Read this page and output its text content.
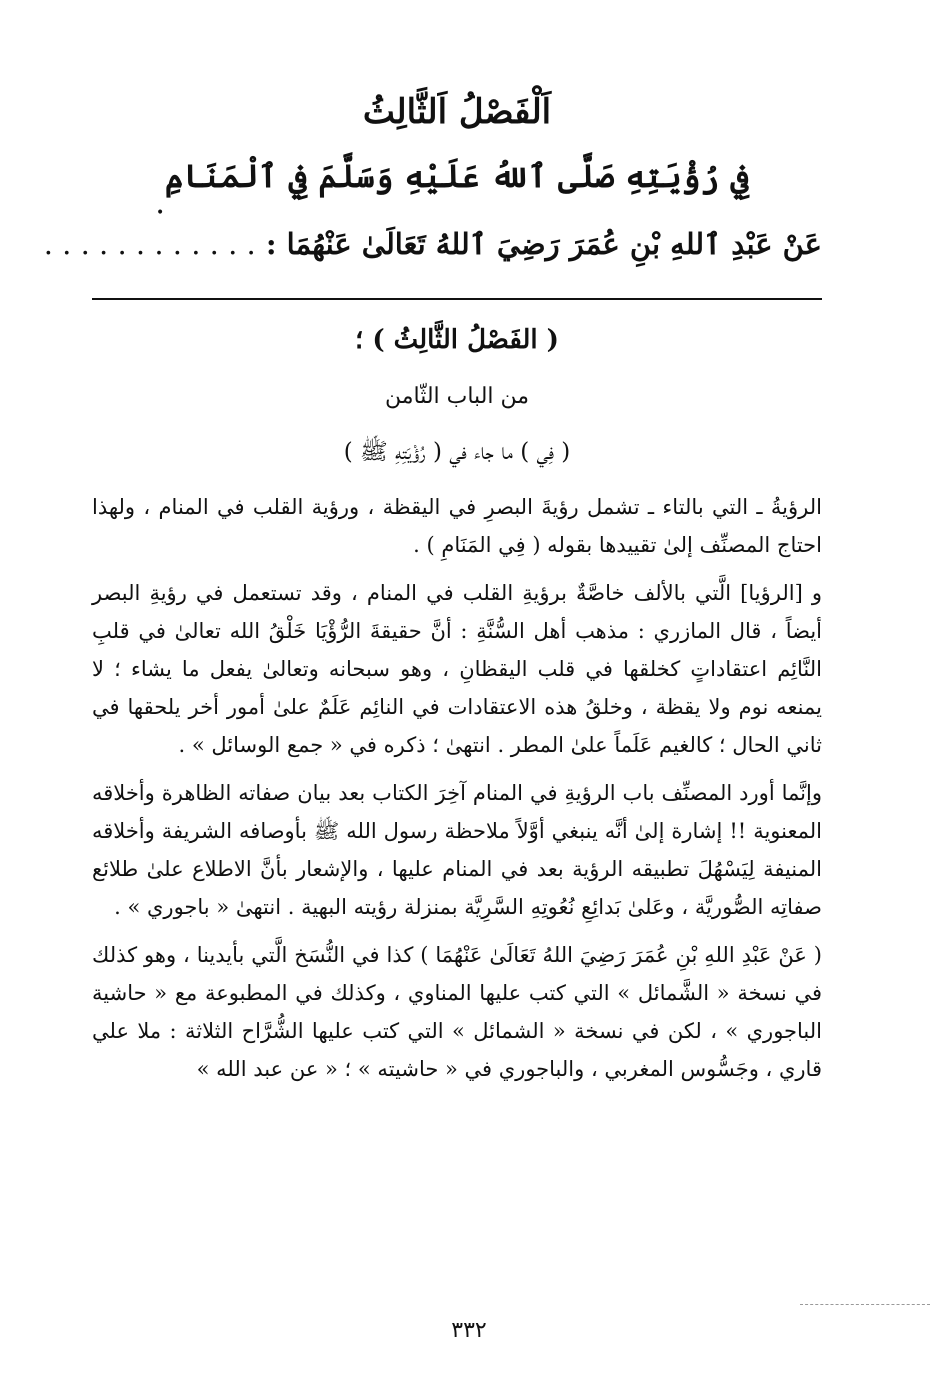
اَلْفَصْلُ اَلثَّالِثُ
فِي رُؤْيَتِهِ صَلَّى ٱللهُ عَلَيْهِ وَسَلَّمَ فِي ٱلْمَنَامِ

عَنْ عَبْدِ ٱللهِ بْنِ عُمَرَ رَضِيَ ٱللهُ تَعَالَىٰ عَنْهُمَا : . . . . . . . . . . . .

( الفَصْلُ الثَّالِثُ ) ؛

من الباب الثّامن

( فِي ) ما جاء في ( رُؤْيَتِهِ ﷺ )

الرؤيةُ ـ التي بالتاء ـ تشمل رؤيةَ البصرِ في اليقظة ، ورؤية القلب في المنام ، ولهذا احتاج المصنِّف إلىٰ تقييدها بقوله ( فِي المَنَامِ ) .

و [الرؤيا] الَّتي بالألف خاصَّةٌ برؤيةِ القلب في المنام ، وقد تستعمل في رؤيةِ البصر أيضاً ، قال المازري : مذهب أهل السُّنَّةِ : أنَّ حقيقةَ الرُّؤْيَا خَلْقُ الله تعالىٰ في قلبِ النَّائِم اعتقاداتٍ كخلقها في قلب اليقظانِ ، وهو سبحانه وتعالىٰ يفعل ما يشاء ؛ لا يمنعه نوم ولا يقظة ، وخلقُ هذه الاعتقادات في النائِم عَلَمٌ علىٰ أمور أخر يلحقها في ثاني الحال ؛ كالغيم عَلَماً علىٰ المطر . انتهىٰ ؛ ذكره في « جمع الوسائل » .

وإنَّما أورد المصنِّف باب الرؤيةِ في المنام آخِرَ الكتاب بعد بيان صفاته الظاهرة وأخلاقه المعنوية !! إشارة إلىٰ أنَّه ينبغي أوَّلاً ملاحظة رسول الله ﷺ بأوصافه الشريفة وأخلاقه المنيفة لِيَسْهُلَ تطبيقه الرؤية بعد في المنام عليها ، والإشعار بأنَّ الاطلاع علىٰ طلائع صفاتِه الصُّوريَّة ، وعَلىٰ بَدائِعِ نُعُوتِهِ السَّرِيَّة بمنزلة رؤيته البهية . انتهىٰ « باجوري » .

( عَنْ عَبْدِ اللهِ بْنِ عُمَرَ رَضِيَ اللهُ تَعَالَىٰ عَنْهُمَا ) كذا في النُّسَخ الَّتي بأيدينا ، وهو كذلك في نسخة « الشَّمائل » التي كتب عليها المناوي ، وكذلك في المطبوعة مع « حاشية الباجوري » ، لكن في نسخة « الشمائل » التي كتب عليها الشُّرَّاح الثلاثة : ملا علي قاري ، وجَسُّوس المغربي ، والباجوري في « حاشيته » ؛ « عن عبد الله »

•
٣٣٢
